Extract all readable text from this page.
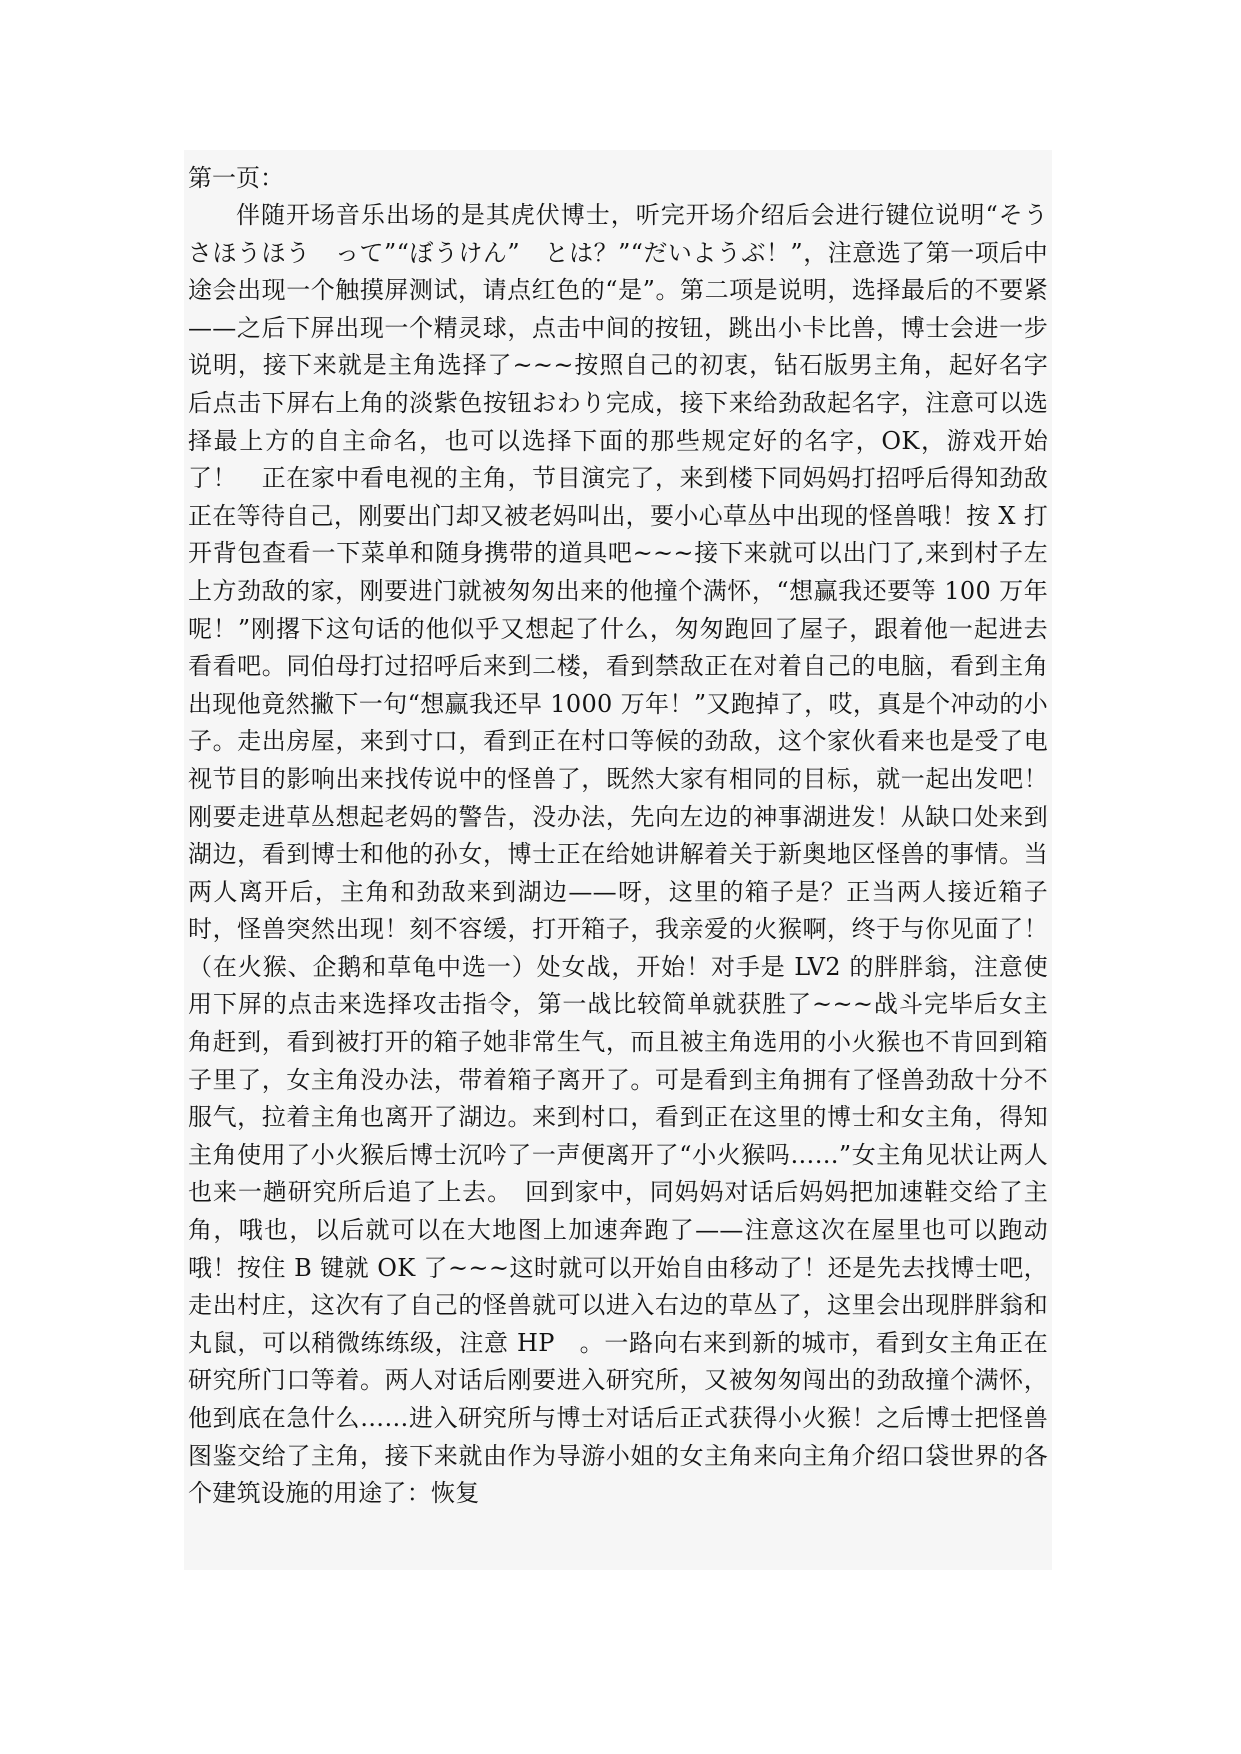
第一页：

伴随开场音乐出场的是其虎伏博士，听完开场介绍后会进行键位说明“そうさほうほう　って”“ぼうけん”　とは？”“だいようぶ！”，注意选了第一项后中途会出现一个触摸屏测试，请点红色的“是”。第二项是说明，选择最后的不要紧——之后下屏出现一个精灵球，点击中间的按钮，跳出小卡比兽，博士会进一步说明，接下来就是主角选择了~~~按照自己的初衷，钻石版男主角，起好名字后点击下屏右上角的淡紫色按钮おわり完成，接下来给劲敌起名字，注意可以选择最上方的自主命名，也可以选择下面的那些规定好的名字，OK，游戏开始了！　正在家中看电视的主角，节目演完了，来到楼下同妈妈打招呼后得知劲敌正在等待自己，刚要出门却又被老妈叫出，要小心草丛中出现的怪兽哦！按 X 打开背包查看一下菜单和随身携带的道具吧~~~接下来就可以出门了,来到村子左上方劲敌的家，刚要进门就被匆匆出来的他撞个满怀，“想赢我还要等 100 万年呢！”刚撂下这句话的他似乎又想起了什么，匆匆跑回了屋子，跟着他一起进去看看吧。同伯母打过招呼后来到二楼，看到禁敌正在对着自己的电脑，看到主角出现他竟然撇下一句“想赢我还早 1000 万年！”又跑掉了，哎，真是个冲动的小子。走出房屋，来到寸口，看到正在村口等候的劲敌，这个家伙看来也是受了电视节目的影响出来找传说中的怪兽了，既然大家有相同的目标，就一起出发吧！刚要走进草丛想起老妈的警告，没办法，先向左边的神事湖进发！从缺口处来到湖边，看到博士和他的孙女，博士正在给她讲解着关于新奥地区怪兽的事情。当两人离开后，主角和劲敌来到湖边——呀，这里的箱子是？正当两人接近箱子时，怪兽突然出现！刻不容缓，打开箱子，我亲爱的火猴啊，终于与你见面了！（在火猴、企鹅和草龟中选一）处女战，开始！对手是 LV2 的胖胖翁，注意使用下屏的点击来选择攻击指令，第一战比较简单就获胜了~~~战斗完毕后女主角赶到，看到被打开的箱子她非常生气，而且被主角选用的小火猴也不肯回到箱子里了，女主角没办法，带着箱子离开了。可是看到主角拥有了怪兽劲敌十分不服气，拉着主角也离开了湖边。来到村口，看到正在这里的博士和女主角，得知主角使用了小火猴后博士沉吟了一声便离开了“小火猴吗……”女主角见状让两人也来一趟研究所后追了上去。　回到家中，同妈妈对话后妈妈把加速鞋交给了主角，哦也，以后就可以在大地图上加速奔跑了——注意这次在屋里也可以跑动哦！按住 B 键就 OK 了~~~这时就可以开始自由移动了！还是先去找博士吧，走出村庄，这次有了自己的怪兽就可以进入右边的草丛了，这里会出现胖胖翁和丸鼠，可以稍微练练级，注意 HP　。一路向右来到新的城市，看到女主角正在研究所门口等着。两人对话后刚要进入研究所，又被匆匆闯出的劲敌撞个满怀，他到底在急什么……进入研究所与博士对话后正式获得小火猴！之后博士把怪兽图鉴交给了主角，接下来就由作为导游小姐的女主角来向主角介绍口袋世界的各个建筑设施的用途了：恢复
